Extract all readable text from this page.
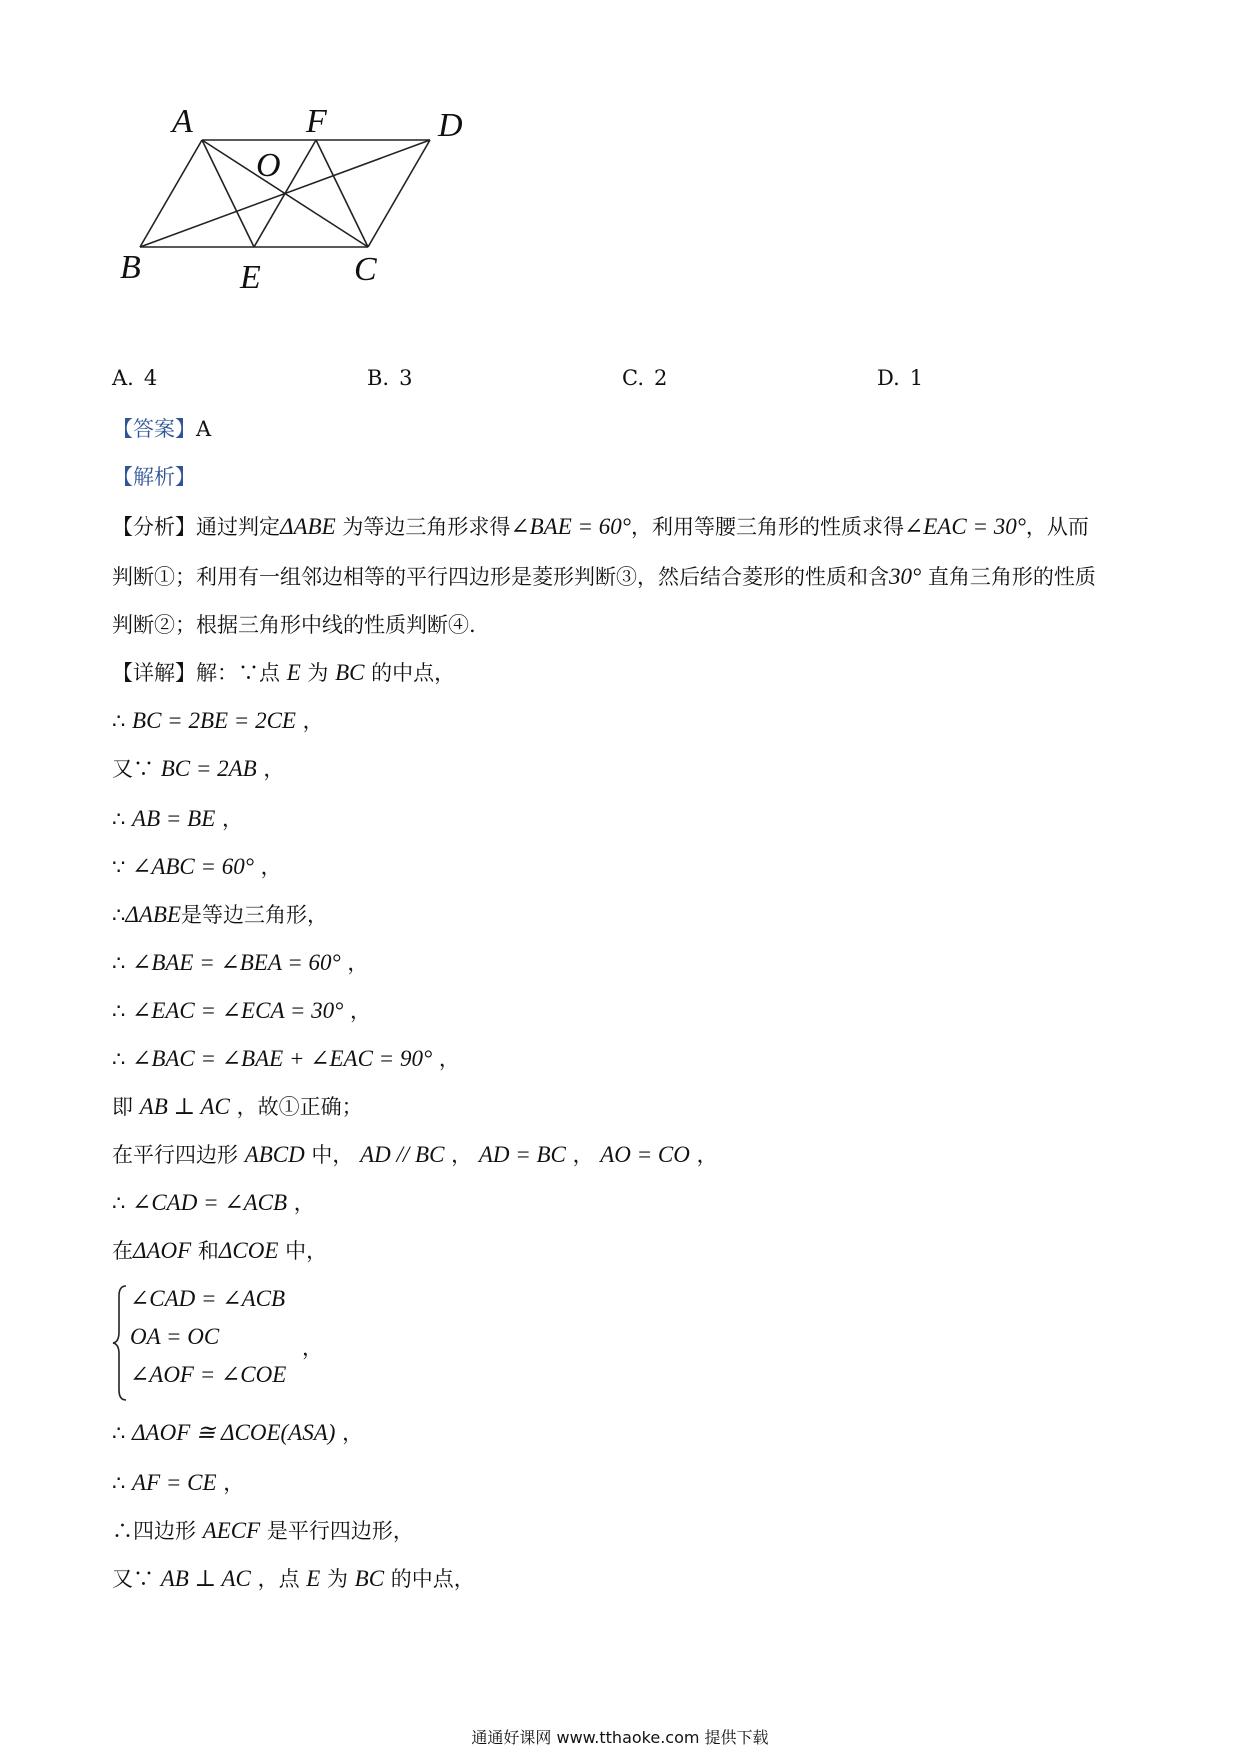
A	F	D
O
B	E	C
A. 4	B. 3	C. 2	D. 1
【答案】A
【解析】
【分析】通过判定ΔABE 为等边三角形求得∠BAE = 60°，利用等腰三角形的性质求得∠EAC = 30°，从而
判断①；利用有一组邻边相等的平行四边形是菱形判断③，然后结合菱形的性质和含30° 直角三角形的性质
判断②；根据三角形中线的性质判断④.
【详解】解：∵点 E 为 BC 的中点，
∴ BC = 2BE = 2CE ，
又∵ BC = 2AB ，
∴ AB = BE ，
∵ ∠ABC = 60° ，
∴ΔABE是等边三角形，
∴ ∠BAE = ∠BEA = 60° ，
∴ ∠EAC = ∠ECA = 30° ，
∴ ∠BAC = ∠BAE + ∠EAC = 90° ，
即 AB ⊥ AC ，故①正确；
在平行四边形 ABCD 中， AD // BC ， AD = BC ， AO = CO ，
∴ ∠CAD = ∠ACB ，
在ΔAOF 和ΔCOE 中，
∠CAD = ∠ACB
OA = OC
∠AOF = ∠COE
，
∴ ΔAOF ≅ ΔCOE(ASA) ，
∴ AF = CE ，
∴四边形 AECF 是平行四边形，
又∵ AB ⊥ AC ，点 E 为 BC 的中点，
通通好课网 www.tthaoke.com 提供下载
